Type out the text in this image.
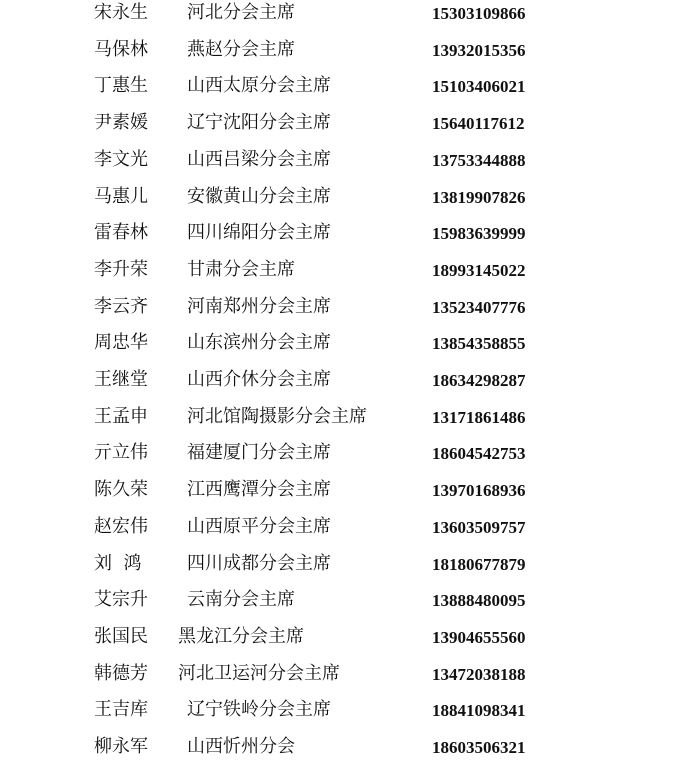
宋永生 河北分会主席	15303109866
马保林 燕赵分会主席	13932015356
丁惠生 山西太原分会主席	15103406021
尹素媛 辽宁沈阳分会主席	15640117612
李文光 山西吕梁分会主席	13753344888
马惠儿 安徽黄山分会主席	13819907826
雷春林 四川绵阳分会主席	15983639999
李升荣 甘肃分会主席	18993145022
李云齐 河南郑州分会主席	13523407776
周忠华 山东滨州分会主席	13854358855
王继堂 山西介休分会主席	18634298287
王孟申 河北馆陶摄影分会主席	13171861486
亓立伟 福建厦门分会主席	18604542753
陈久荣 江西鹰潭分会主席	13970168936
赵宏伟 山西原平分会主席	13603509757
刘  鸿	四川成都分会主席	18180677879
艾宗升 云南分会主席	13888480095
张国民 黑龙江分会主席	13904655560
韩德芳 河北卫运河分会主席	13472038188
王吉库 辽宁铁岭分会主席	18841098341
柳永军 山西忻州分会	18603506321
